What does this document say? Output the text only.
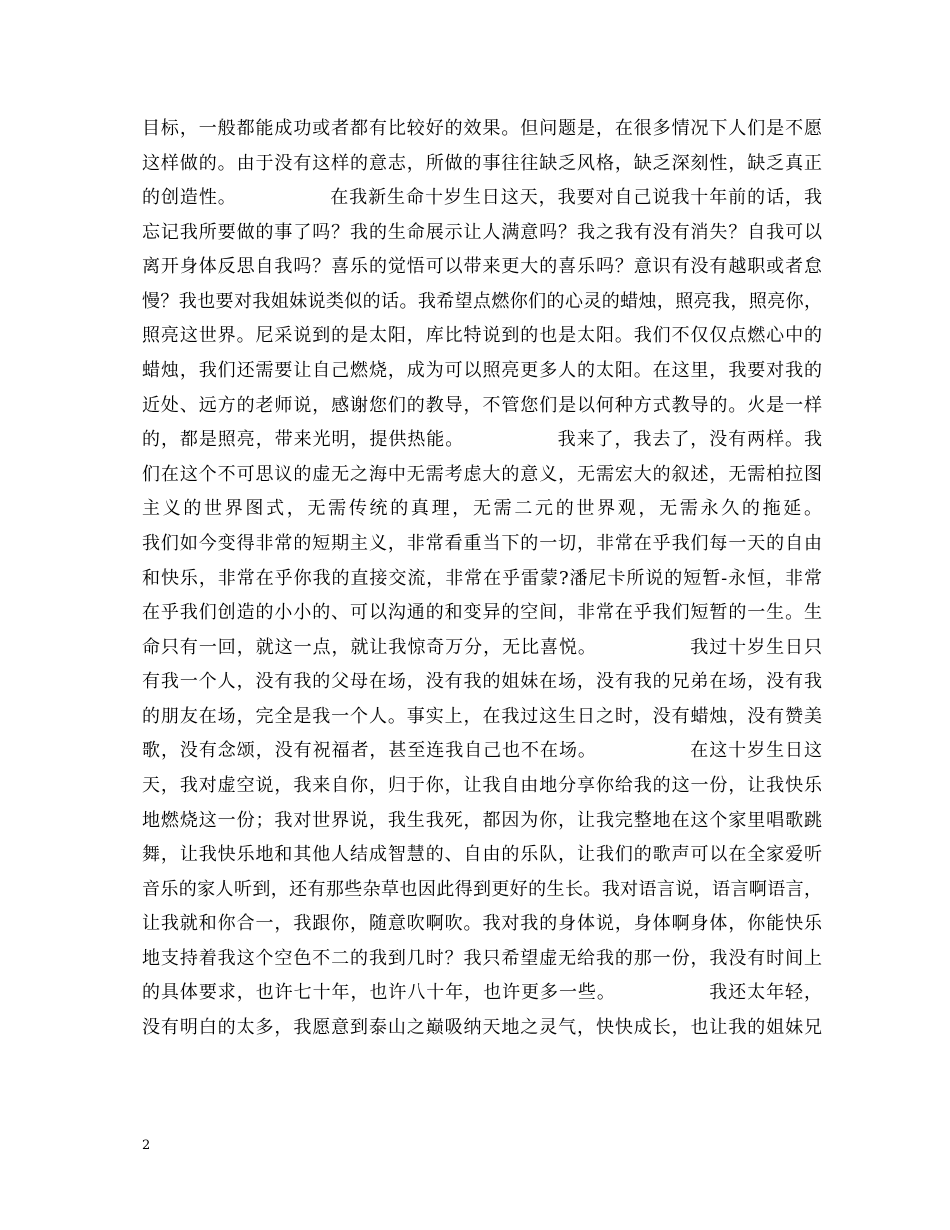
目标，一般都能成功或者都有比较好的效果。但问题是，在很多情况下人们是不愿
这样做的。由于没有这样的意志，所做的事往往缺乏风格，缺乏深刻性，缺乏真正
的创造性。              在我新生命十岁生日这天，我要对自己说我十年前的话，我
忘记我所要做的事了吗？我的生命展示让人满意吗？我之我有没有消失？自我可以
离开身体反思自我吗？喜乐的觉悟可以带来更大的喜乐吗？意识有没有越职或者怠
慢？我也要对我姐妹说类似的话。我希望点燃你们的心灵的蜡烛，照亮我，照亮你，
照亮这世界。尼采说到的是太阳，库比特说到的也是太阳。我们不仅仅点燃心中的
蜡烛，我们还需要让自己燃烧，成为可以照亮更多人的太阳。在这里，我要对我的
近处、远方的老师说，感谢您们的教导，不管您们是以何种方式教导的。火是一样
的，都是照亮，带来光明，提供热能。              我来了，我去了，没有两样。我
们在这个不可思议的虚无之海中无需考虑大的意义，无需宏大的叙述，无需柏拉图
主义的世界图式，无需传统的真理，无需二元的世界观，无需永久的拖延。
我们如今变得非常的短期主义，非常看重当下的一切，非常在乎我们每一天的自由
和快乐，非常在乎你我的直接交流，非常在乎雷蒙?潘尼卡所说的短暂-永恒，非常
在乎我们创造的小小的、可以沟通的和变异的空间，非常在乎我们短暂的一生。生
命只有一回，就这一点，就让我惊奇万分，无比喜悦。              我过十岁生日只
有我一个人，没有我的父母在场，没有我的姐妹在场，没有我的兄弟在场，没有我
的朋友在场，完全是我一个人。事实上，在我过这生日之时，没有蜡烛，没有赞美
歌，没有念颂，没有祝福者，甚至连我自己也不在场。              在这十岁生日这
天，我对虚空说，我来自你，归于你，让我自由地分享你给我的这一份，让我快乐
地燃烧这一份；我对世界说，我生我死，都因为你，让我完整地在这个家里唱歌跳
舞，让我快乐地和其他人结成智慧的、自由的乐队，让我们的歌声可以在全家爱听
音乐的家人听到，还有那些杂草也因此得到更好的生长。我对语言说，语言啊语言，
让我就和你合一，我跟你，随意吹啊吹。我对我的身体说，身体啊身体，你能快乐
地支持着我这个空色不二的我到几时？我只希望虚无给我的那一份，我没有时间上
的具体要求，也许七十年，也许八十年，也许更多一些。              我还太年轻，
没有明白的太多，我愿意到泰山之巅吸纳天地之灵气，快快成长，也让我的姐妹兄
2
